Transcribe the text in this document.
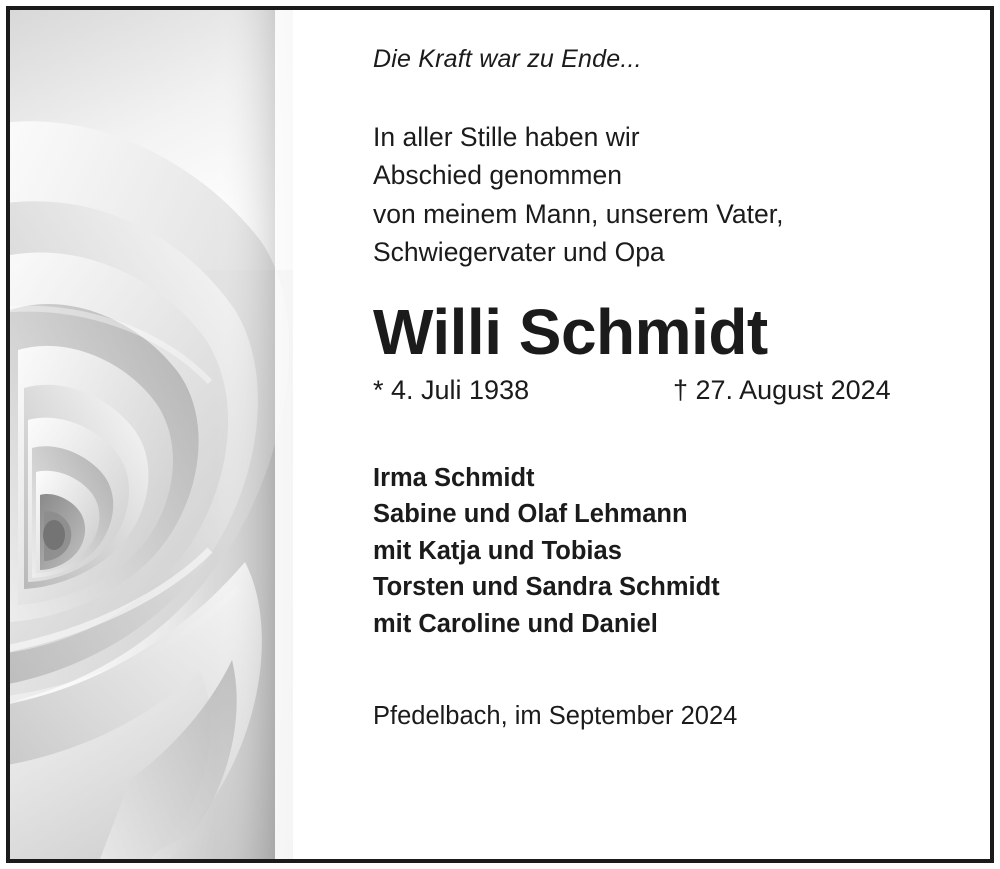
Die Kraft war zu Ende...

In aller Stille haben wir
Abschied genommen
von meinem Mann, unserem Vater,
Schwiegervater und Opa
Willi Schmidt
* 4. Juli 1938	† 27. August 2024
Irma Schmidt
Sabine und Olaf Lehmann
mit Katja und Tobias
Torsten und Sandra Schmidt
mit Caroline und Daniel

Pfedelbach, im September 2024
